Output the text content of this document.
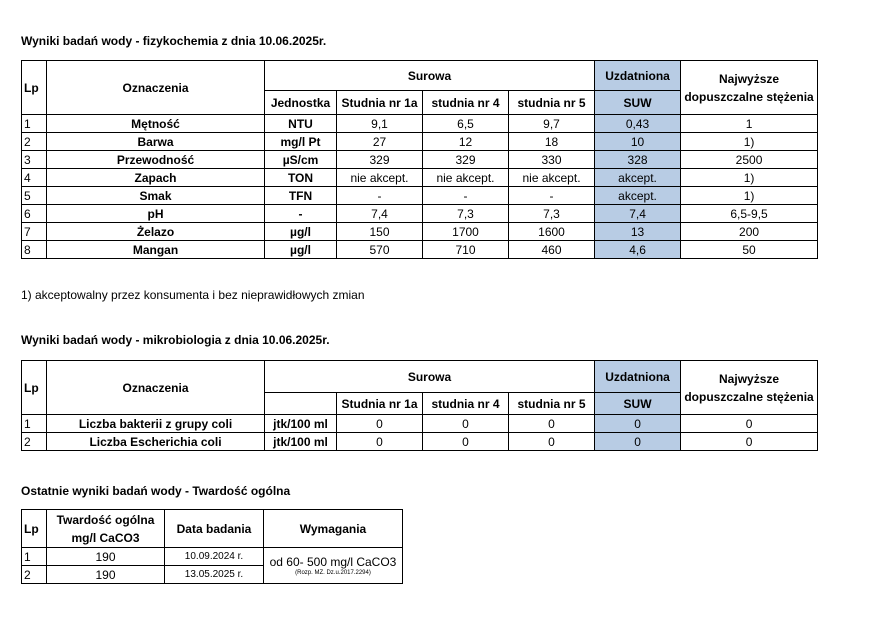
Wyniki badań wody - fizykochemia z dnia 10.06.2025r.
Lp	Oznaczenia	Surowa				Uzdatniona	Najwyższe dopuszczalne stężenia
		Jednostka	Studnia nr 1a	studnia nr 4	studnia nr 5	SUW	
1	Mętność	NTU	9,1	6,5	9,7	0,43	1
2	Barwa	mg/l Pt	27	12	18	10	1)
3	Przewodność	µS/cm	329	329	330	328	2500
4	Zapach	TON	nie akcept.	nie akcept.	nie akcept.	akcept.	1)
5	Smak	TFN	-	-	-	akcept.	1)
6	pH	-	7,4	7,3	7,3	7,4	6,5-9,5
7	Żelazo	µg/l	150	1700	1600	13	200
8	Mangan	µg/l	570	710	460	4,6	50
1) akceptowalny przez konsumenta i bez nieprawidłowych zmian
Wyniki badań wody - mikrobiologia z dnia 10.06.2025r.
Lp	Oznaczenia	Surowa				Uzdatniona	Najwyższe dopuszczalne stężenia
			Studnia nr 1a	studnia nr 4	studnia nr 5	SUW	
1	Liczba bakterii z grupy coli	jtk/100 ml	0	0	0	0	0
2	Liczba Escherichia coli	jtk/100 ml	0	0	0	0	0
Ostatnie wyniki badań wody - Twardość ogólna
Lp	Twardość ogólna mg/l CaCO3	Data badania	Wymagania
1	190	10.09.2024 r.	od 60- 500 mg/l CaCO3
(Rozp. MZ. Dz.u.2017.2294)

2	190	13.05.2025 r.	
